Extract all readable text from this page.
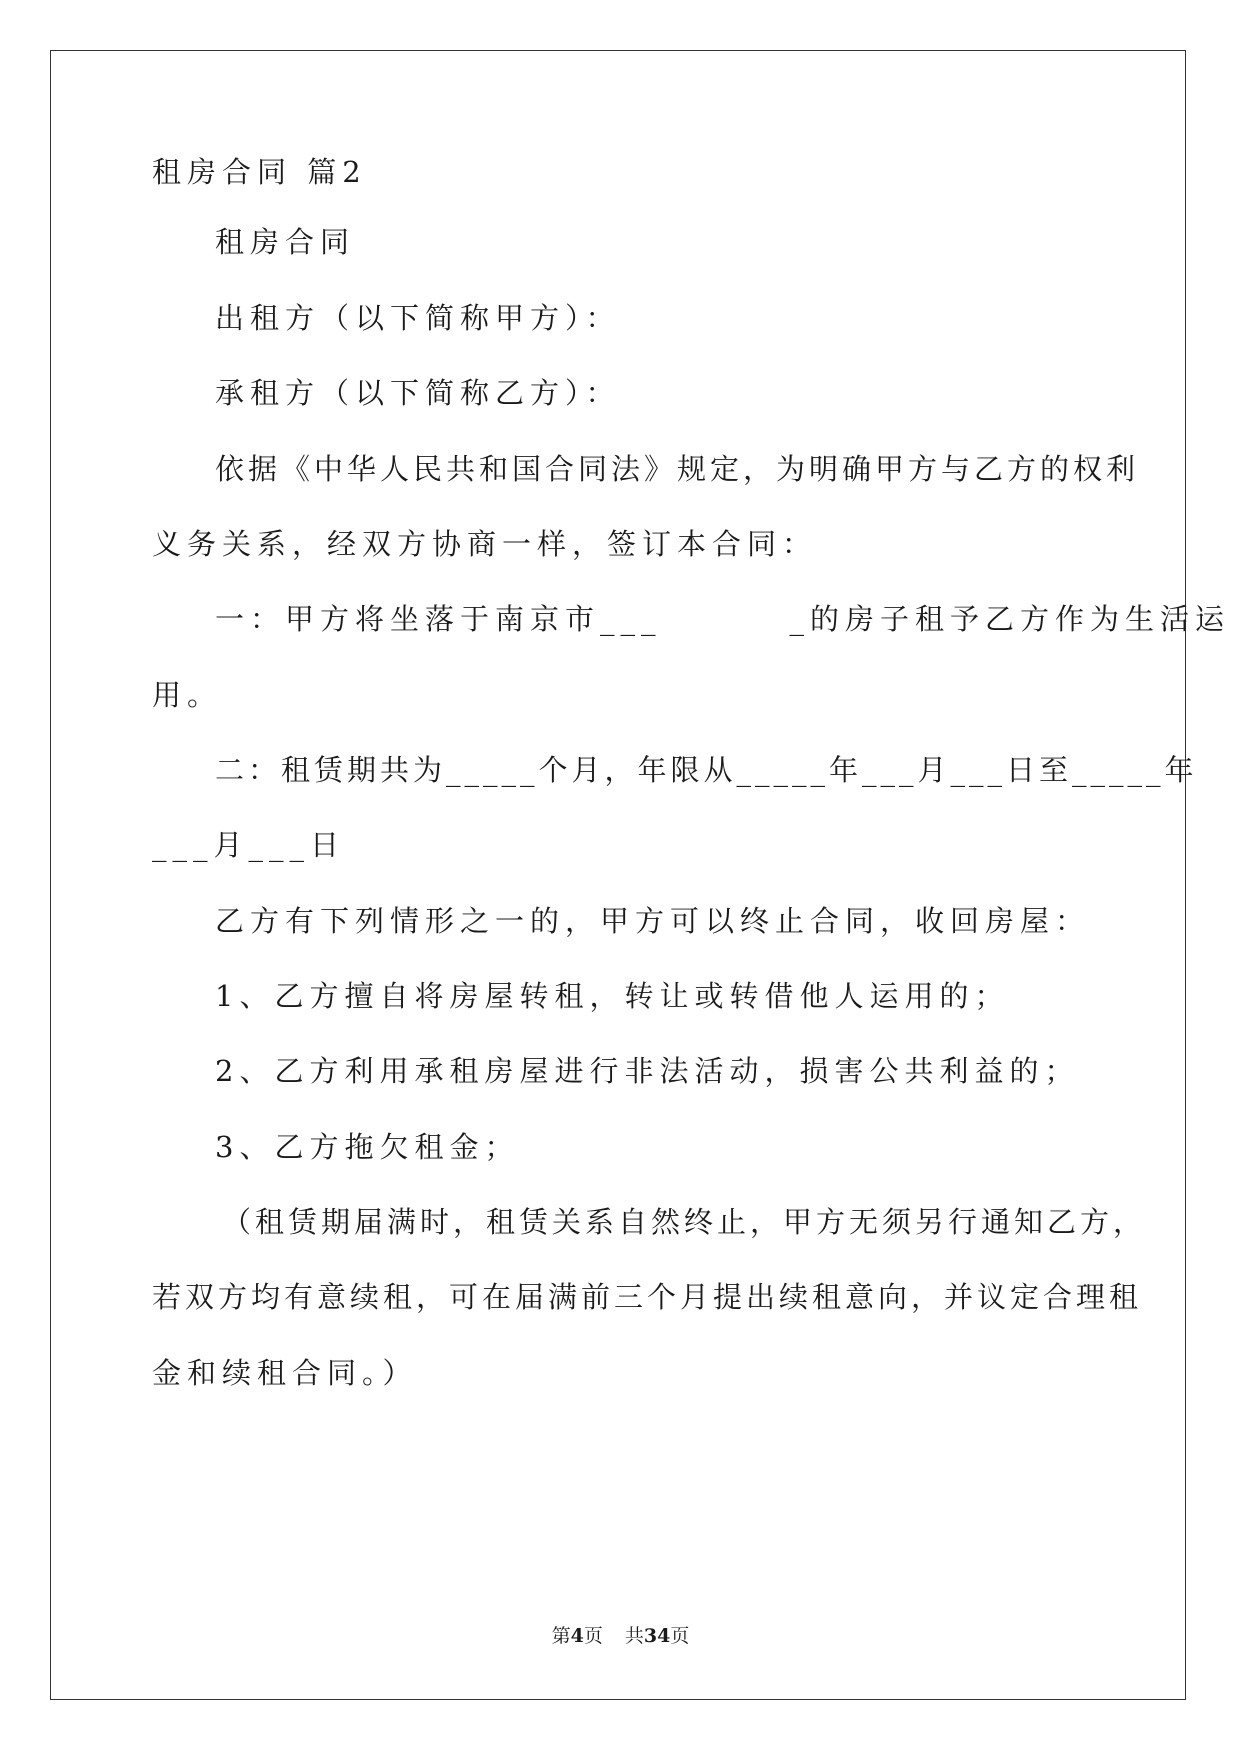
租房合同 篇2
租房合同
出租方（以下简称甲方）：
承租方（以下简称乙方）：
依据《中华人民共和国合同法》规定，为明确甲方与乙方的权利
义务关系，经双方协商一样，签订本合同：
一：甲方将坐落于南京市___	_的房子租予乙方作为生活运
用。
二：租赁期共为_____个月，年限从_____年___月___日至_____年
___月___日
乙方有下列情形之一的，甲方可以终止合同，收回房屋：
1、乙方擅自将房屋转租，转让或转借他人运用的；
2、乙方利用承租房屋进行非法活动，损害公共利益的；
3、乙方拖欠租金；
（租赁期届满时，租赁关系自然终止，甲方无须另行通知乙方，
若双方均有意续租，可在届满前三个月提出续租意向，并议定合理租
金和续租合同。）
第4页 共34页
